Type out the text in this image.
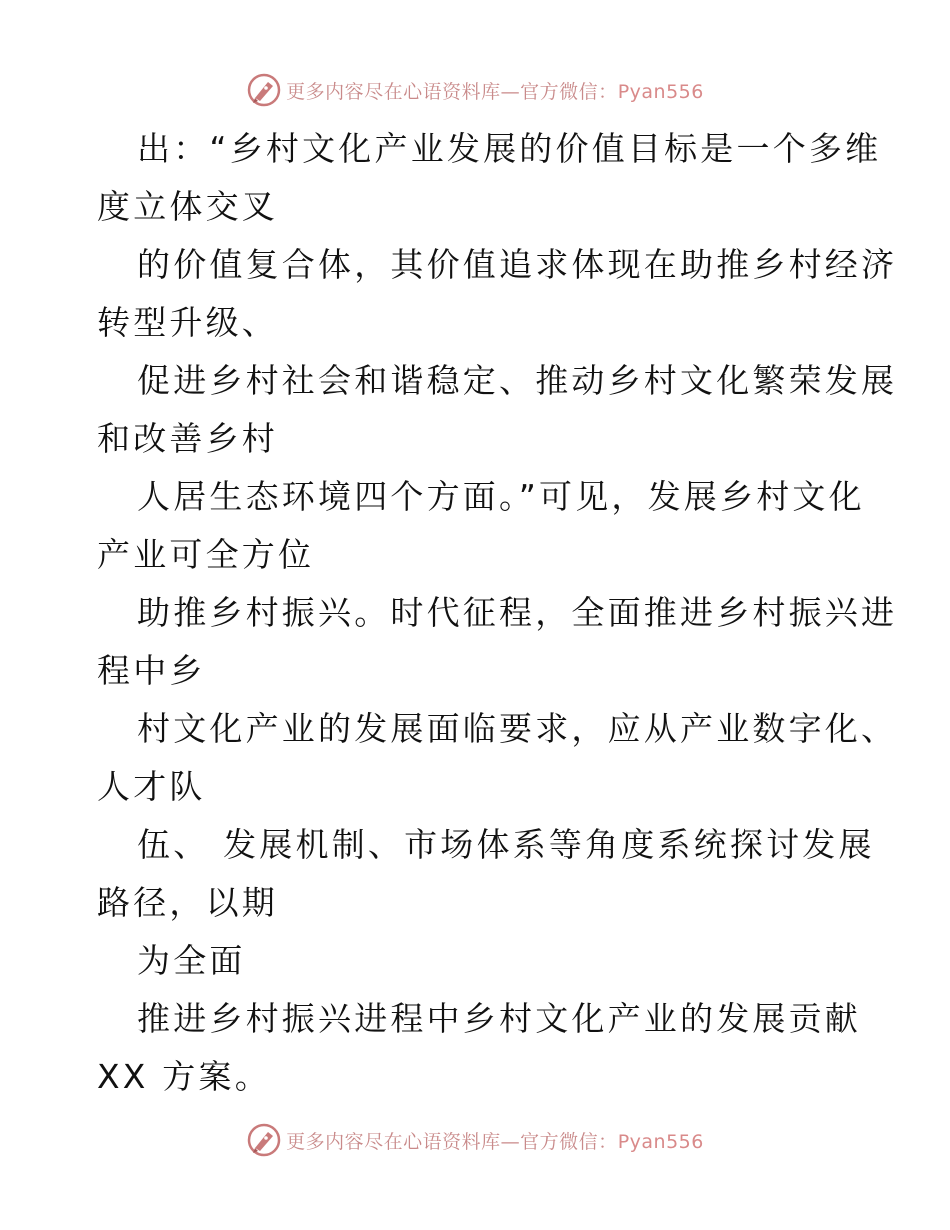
更多内容尽在心语资料库—官方微信：Pyan556
出：“乡村文化产业发展的价值目标是一个多维
度立体交叉
的价值复合体，其价值追求体现在助推乡村经济
转型升级、
促进乡村社会和谐稳定、推动乡村文化繁荣发展
和改善乡村
人居生态环境四个方面。”可见，发展乡村文化
产业可全方位
助推乡村振兴。时代征程，全面推进乡村振兴进
程中乡
村文化产业的发展面临要求，应从产业数字化、
人才队
伍、 发展机制、市场体系等角度系统探讨发展
路径，以期
为全面
推进乡村振兴进程中乡村文化产业的发展贡献
XX 方案。
更多内容尽在心语资料库—官方微信：Pyan556
